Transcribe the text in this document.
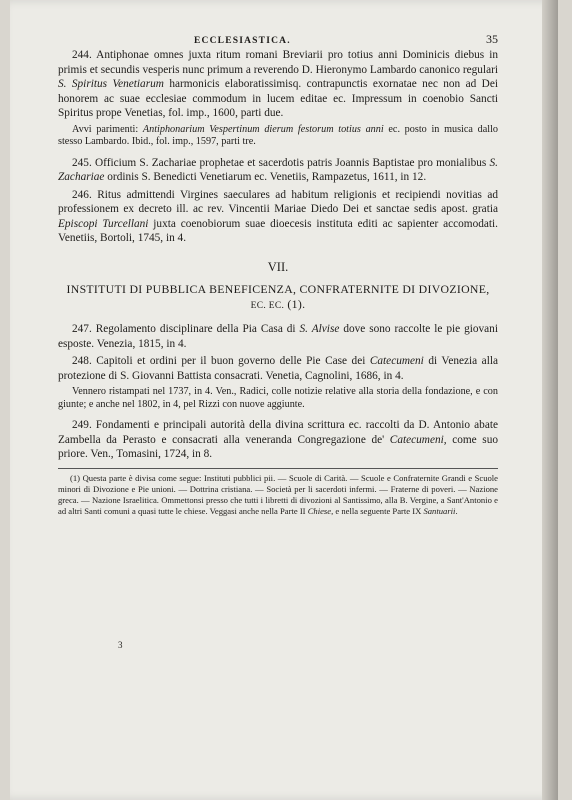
ECCLESIASTICA.	35

244. Antiphonae omnes juxta ritum romani Breviarii pro totius anni Dominicis diebus in primis et secundis vesperis nunc primum a reverendo D. Hieronymo Lambardo canonico regulari S. Spiritus Venetiarum harmonicis elaboratissimisq. contrapunctis exornatae nec non ad Dei honorem ac suae ecclesiae commodum in lucem editae ec. Impressum in coenobio Sancti Spiritus prope Venetias, fol. imp., 1600, parti due.

Avvi parimenti: Antiphonarium Vespertinum dierum festorum totius anni ec. posto in musica dallo stesso Lambardo. Ibid., fol. imp., 1597, parti tre.

245. Officium S. Zachariae prophetae et sacerdotis patris Joannis Baptistae pro monialibus S. Zachariae ordinis S. Benedicti Venetiarum ec. Venetiis, Rampazetus, 1611, in 12.

246. Ritus admittendi Virgines saeculares ad habitum religionis et recipiendi novitias ad professionem ex decreto ill. ac rev. Vincentii Mariae Diedo Dei et sanctae sedis apost. gratia Episcopi Turcellani juxta coenobiorum suae dioecesis instituta editi ac sapienter accomodati. Venetiis, Bortoli, 1745, in 4.

VII.
INSTITUTI DI PUBBLICA BENEFICENZA, CONFRATERNITE DI DIVOZIONE, EC. EC. (1).

247. Regolamento disciplinare della Pia Casa di S. Alvise dove sono raccolte le pie giovani esposte. Venezia, 1815, in 4.

248. Capitoli et ordini per il buon governo delle Pie Case dei Catecumeni di Venezia alla protezione di S. Giovanni Battista consacrati. Venetia, Cagnolini, 1686, in 4.

Vennero ristampati nel 1737, in 4. Ven., Radici, colle notizie relative alla storia della fondazione, e con giunte; e anche nel 1802, in 4, pel Rizzi con nuove aggiunte.

249. Fondamenti e principali autorità della divina scrittura ec. raccolti da D. Antonio abate Zambella da Perasto e consacrati alla veneranda Congregazione de' Catecumeni, come suo priore. Ven., Tomasini, 1724, in 8.

(1) Questa parte è divisa come segue: Instituti pubblici pii. — Scuole di Carità. — Scuole e Confraternite Grandi e Scuole minori di Divozione e Pie unioni. — Dottrina cristiana. — Società per li sacerdoti infermi. — Fraterne di poveri. — Nazione greca. — Nazione Israelitica. Ommettonsi presso che tutti i libretti di divozioni al Santissimo, alla B. Vergine, a Sant'Antonio e ad altri Santi comuni a quasi tutte le chiese. Veggasi anche nella Parte II Chiese, e nella seguente Parte IX Santuarii.

3
